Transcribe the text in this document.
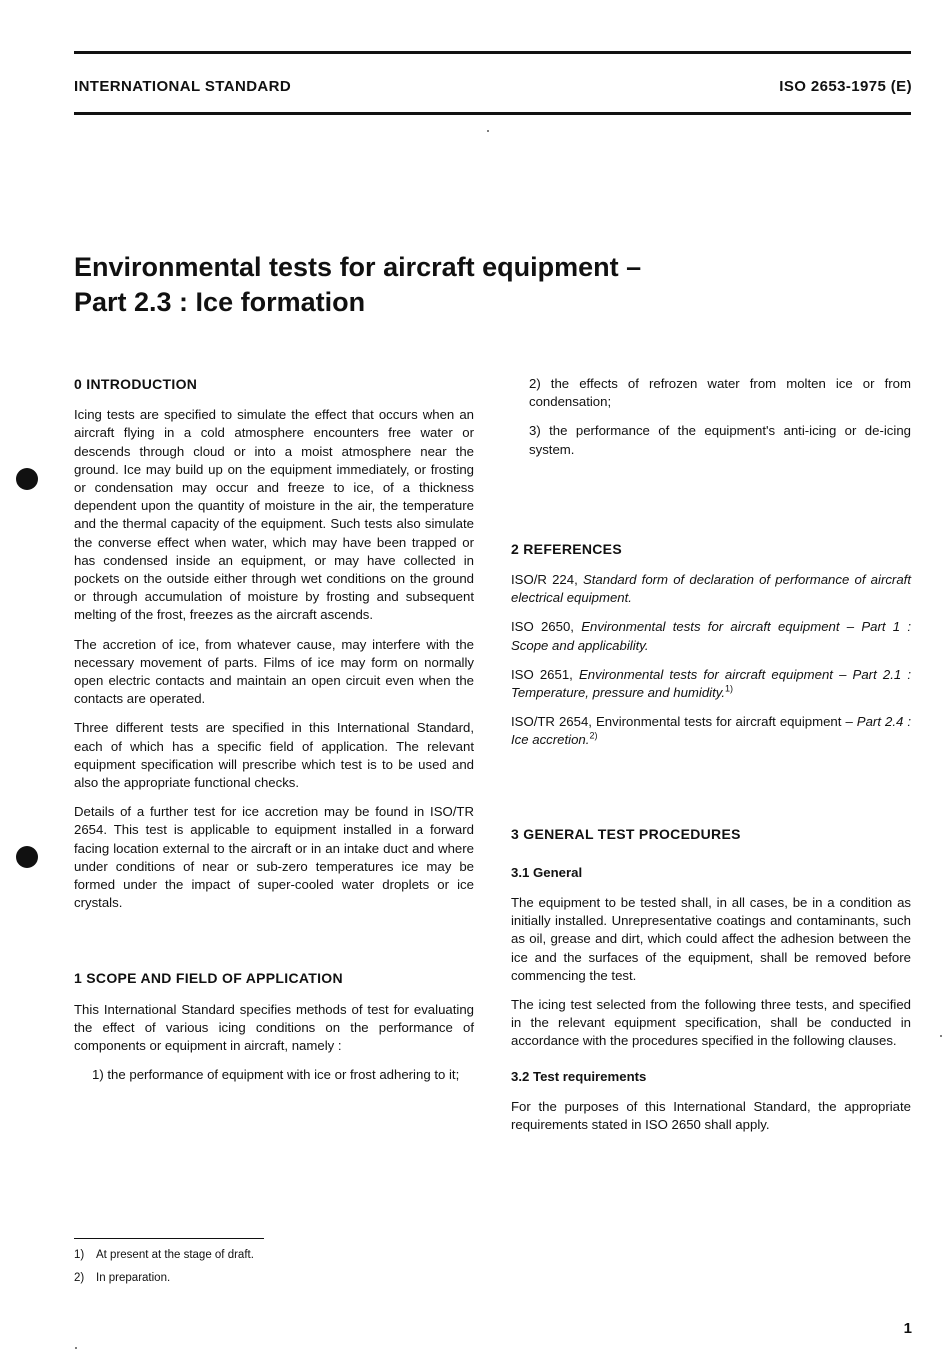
INTERNATIONAL STANDARD	ISO 2653-1975 (E)
Environmental tests for aircraft equipment –
Part 2.3 : Ice formation
0 INTRODUCTION

Icing tests are specified to simulate the effect that occurs when an aircraft flying in a cold atmosphere encounters free water or descends through cloud or into a moist atmosphere near the ground. Ice may build up on the equipment immediately, or frosting or condensation may occur and freeze to ice, of a thickness dependent upon the quantity of moisture in the air, the temperature and the thermal capacity of the equipment. Such tests also simulate the converse effect when water, which may have been trapped or has condensed inside an equipment, or may have collected in pockets on the outside either through wet conditions on the ground or through accumulation of moisture by frosting and subsequent melting of the frost, freezes as the aircraft ascends.

The accretion of ice, from whatever cause, may interfere with the necessary movement of parts. Films of ice may form on normally open electric contacts and maintain an open circuit even when the contacts are operated.

Three different tests are specified in this International Standard, each of which has a specific field of application. The relevant equipment specification will prescribe which test is to be used and also the appropriate functional checks.

Details of a further test for ice accretion may be found in ISO/TR 2654. This test is applicable to equipment installed in a forward facing location external to the aircraft or in an intake duct and where under conditions of near or sub-zero temperatures ice may be formed under the impact of super-cooled water droplets or ice crystals.

1 SCOPE AND FIELD OF APPLICATION

This International Standard specifies methods of test for evaluating the effect of various icing conditions on the performance of components or equipment in aircraft, namely :

1) the performance of equipment with ice or frost adhering to it;

2) the effects of refrozen water from molten ice or from condensation;

3) the performance of the equipment's anti-icing or de-icing system.

2 REFERENCES

ISO/R 224, Standard form of declaration of performance of aircraft electrical equipment.

ISO 2650, Environmental tests for aircraft equipment – Part 1 : Scope and applicability.

ISO 2651, Environmental tests for aircraft equipment – Part 2.1 : Temperature, pressure and humidity.$^{1)}$

ISO/TR 2654, Environmental tests for aircraft equipment – Part 2.4 : Ice accretion.$^{2)}$

3 GENERAL TEST PROCEDURES
3.1 General

The equipment to be tested shall, in all cases, be in a condition as initially installed. Unrepresentative coatings and contaminants, such as oil, grease and dirt, which could affect the adhesion between the ice and the surfaces of the equipment, shall be removed before commencing the test.

The icing test selected from the following three tests, and specified in the relevant equipment specification, shall be conducted in accordance with the procedures specified in the following clauses.

3.2 Test requirements

For the purposes of this International Standard, the appropriate requirements stated in ISO 2650 shall apply.

1) At present at the stage of draft.
2) In preparation.
1
